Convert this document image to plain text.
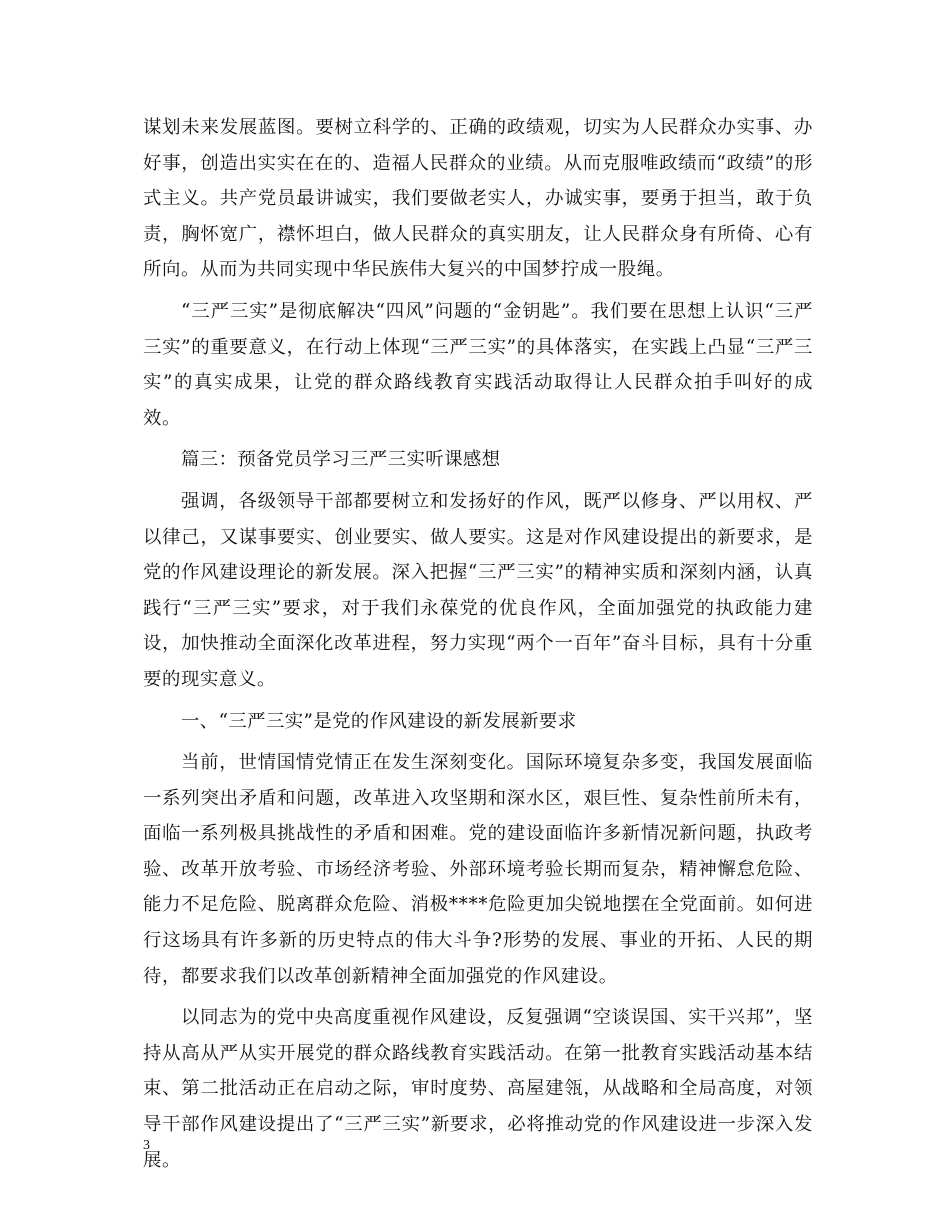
谋划未来发展蓝图。要树立科学的、正确的政绩观，切实为人民群众办实事、办好事，创造出实实在在的、造福人民群众的业绩。从而克服唯政绩而“政绩”的形式主义。共产党员最讲诚实，我们要做老实人，办诚实事，要勇于担当，敢于负责，胸怀宽广，襟怀坦白，做人民群众的真实朋友，让人民群众身有所倚、心有所向。从而为共同实现中华民族伟大复兴的中国梦拧成一股绳。

“三严三实”是彻底解决“四风”问题的“金钥匙”。我们要在思想上认识“三严三实”的重要意义，在行动上体现“三严三实”的具体落实，在实践上凸显“三严三实”的真实成果，让党的群众路线教育实践活动取得让人民群众拍手叫好的成效。

篇三：预备党员学习三严三实听课感想

强调，各级领导干部都要树立和发扬好的作风，既严以修身、严以用权、严以律己，又谋事要实、创业要实、做人要实。这是对作风建设提出的新要求，是党的作风建设理论的新发展。深入把握“三严三实”的精神实质和深刻内涵，认真践行“三严三实”要求，对于我们永葆党的优良作风，全面加强党的执政能力建设，加快推动全面深化改革进程，努力实现“两个一百年”奋斗目标，具有十分重要的现实意义。

一、“三严三实”是党的作风建设的新发展新要求

当前，世情国情党情正在发生深刻变化。国际环境复杂多变，我国发展面临一系列突出矛盾和问题，改革进入攻坚期和深水区，艰巨性、复杂性前所未有，面临一系列极具挑战性的矛盾和困难。党的建设面临许多新情况新问题，执政考验、改革开放考验、市场经济考验、外部环境考验长期而复杂，精神懈怠危险、能力不足危险、脱离群众危险、消极****危险更加尖锐地摆在全党面前。如何进行这场具有许多新的历史特点的伟大斗争?形势的发展、事业的开拓、人民的期待，都要求我们以改革创新精神全面加强党的作风建设。

以同志为的党中央高度重视作风建设，反复强调“空谈误国、实干兴邦”，坚持从高从严从实开展党的群众路线教育实践活动。在第一批教育实践活动基本结束、第二批活动正在启动之际，审时度势、高屋建瓴，从战略和全局高度，对领导干部作风建设提出了“三严三实”新要求，必将推动党的作风建设进一步深入发展。

3
